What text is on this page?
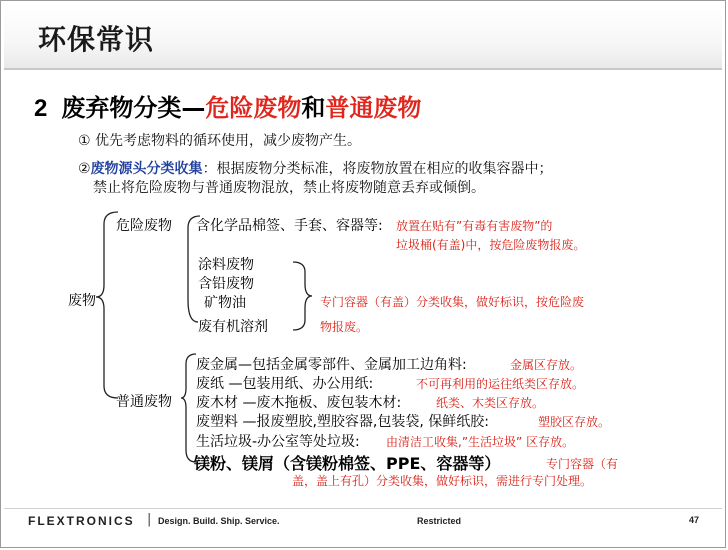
环保常识
2 废弃物分类—危险废物和普通废物
① 优先考虑物料的循环使用，减少废物产生。
②废物源头分类收集：根据废物分类标准，将废物放置在相应的收集容器中；
禁止将危险废物与普通废物混放，禁止将废物随意丢弃或倾倒。
废物
危险废物 含化学品棉签、手套、容器等: 放置在贴有”有毒有害废物”的
垃圾桶(有盖)中，按危险废物报废。
涂料废物
含铅废物
矿物油
废有机溶剂
专门容器（有盖）分类收集，做好标识，按危险废
物报废。
普通废物
废金属—包括金属零部件、金属加工边角料:	金属区存放。
废纸 —包装用纸、办公用纸:	不可再利用的运往纸类区存放。
废木材 —废木拖板、废包装木材:	纸类、木类区存放。
废塑料 —报废塑胶,塑胶容器,包装袋, 保鲜纸胶:	塑胶区存放。
生活垃圾-办公室等处垃圾: 由清洁工收集,”生活垃圾” 区存放。
镁粉、镁屑（含镁粉棉签、PPE、容器等）	专门容器（有
盖，盖上有孔）分类收集，做好标识，需进行专门处理。
FLEXTRONICS | Design. Build. Ship. Service.	Restricted	47
